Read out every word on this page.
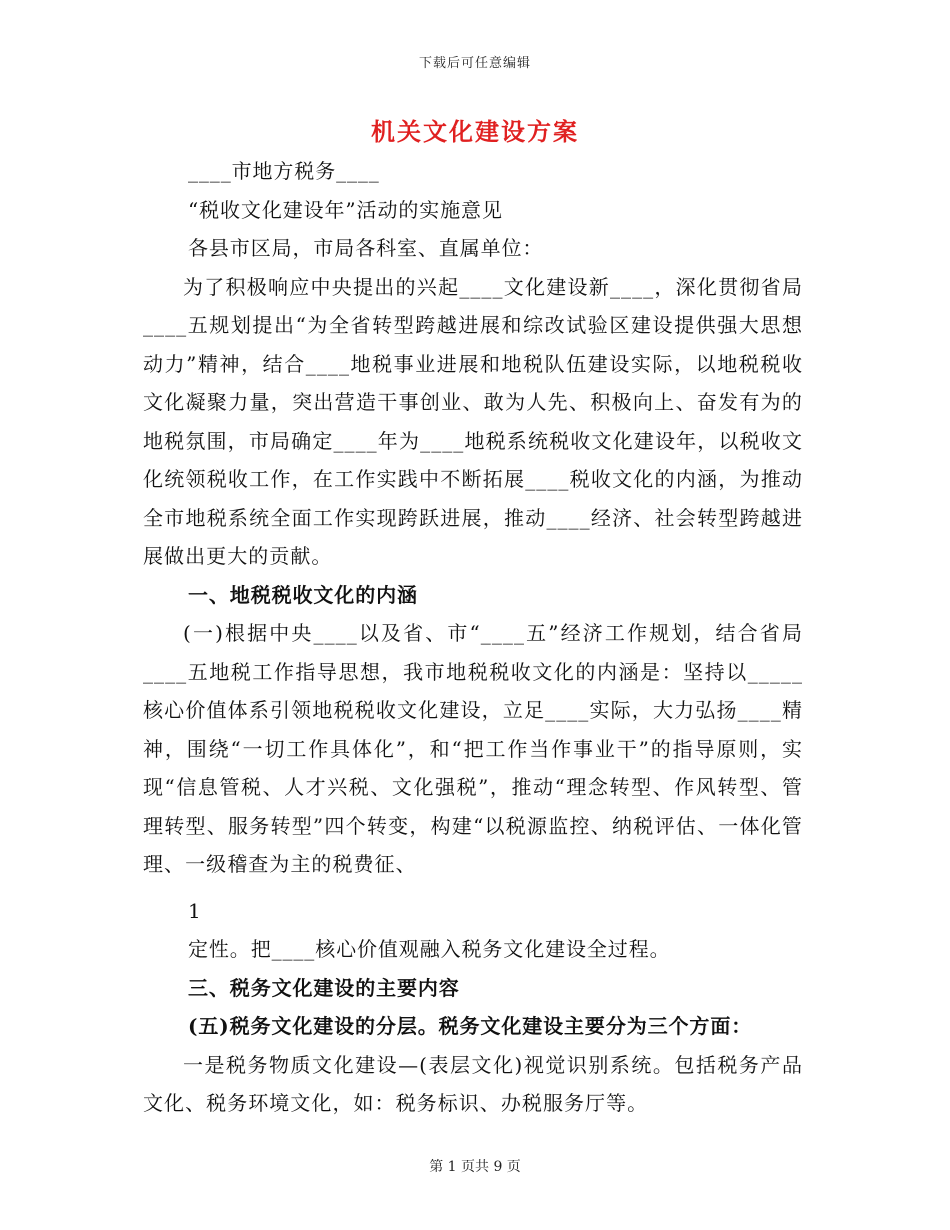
下载后可任意编辑
机关文化建设方案
____市地方税务____
“税收文化建设年”活动的实施意见
各县市区局，市局各科室、直属单位：

为了积极响应中央提出的兴起____文化建设新____，深化贯彻省局____五规划提出“为全省转型跨越进展和综改试验区建设提供强大思想动力”精神，结合____地税事业进展和地税队伍建设实际，以地税税收文化凝聚力量，突出营造干事创业、敢为人先、积极向上、奋发有为的地税氛围，市局确定____年为____地税系统税收文化建设年，以税收文化统领税收工作，在工作实践中不断拓展____税收文化的内涵，为推动全市地税系统全面工作实现跨跃进展，推动____经济、社会转型跨越进展做出更大的贡献。

一、地税税收文化的内涵

(一)根据中央____以及省、市“____五”经济工作规划，结合省局____五地税工作指导思想，我市地税税收文化的内涵是：坚持以_____核心价值体系引领地税税收文化建设，立足____实际，大力弘扬____精神，围绕“一切工作具体化”，和“把工作当作事业干”的指导原则，实现“信息管税、人才兴税、文化强税”，推动“理念转型、作风转型、管理转型、服务转型”四个转变，构建“以税源监控、纳税评估、一体化管理、一级稽查为主的税费征、

1
定性。把____核心价值观融入税务文化建设全过程。
三、税务文化建设的主要内容
(五)税务文化建设的分层。税务文化建设主要分为三个方面：

一是税务物质文化建设—(表层文化)视觉识别系统。包括税务产品文化、税务环境文化，如：税务标识、办税服务厅等。

第 1 页共 9 页
